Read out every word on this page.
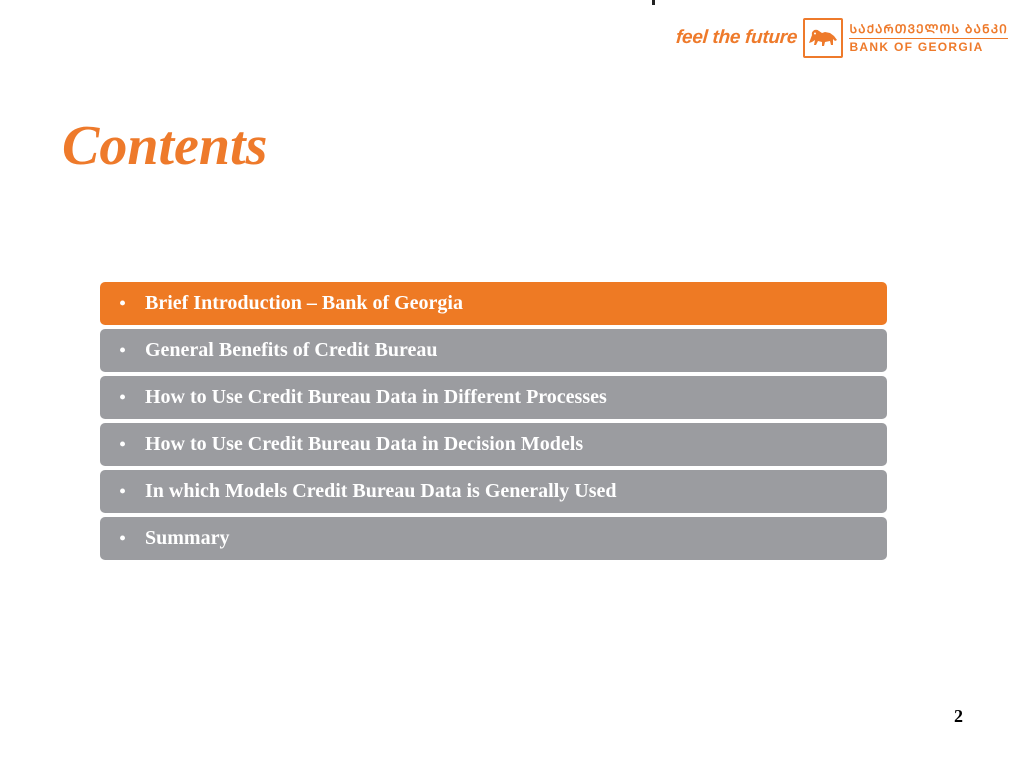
feel the future	ᲡᲐᲥᲐᲠᲗᲕᲔᲚᲝᲡ ᲑᲐᲜᲙᲘ
BANK OF GEORGIA
Contents
• Brief Introduction – Bank of Georgia
• General Benefits of Credit Bureau
• How to Use Credit Bureau Data in Different Processes
• How to Use Credit Bureau Data in Decision Models
• In which Models Credit Bureau Data is Generally Used
• Summary
2
